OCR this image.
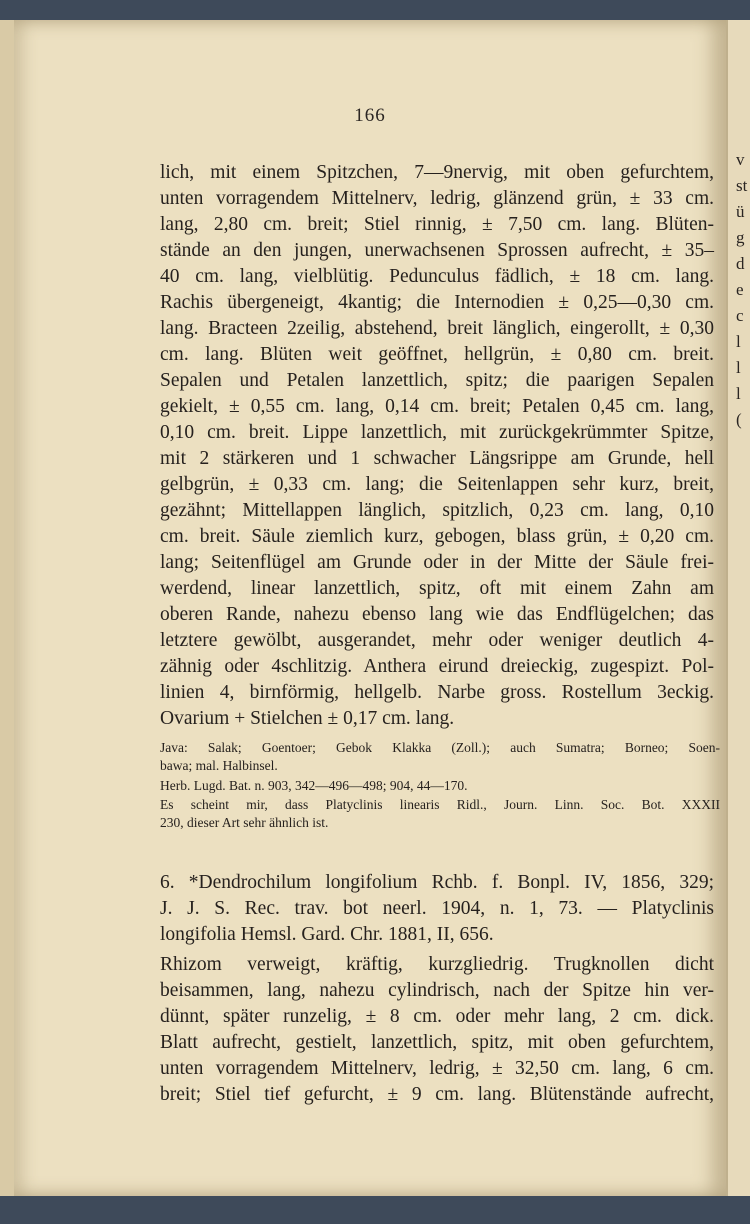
166
lich, mit einem Spitzchen, 7—9nervig, mit oben gefurchtem,
unten vorragendem Mittelnerv, ledrig, glänzend grün, ± 33 cm.
lang, 2,80 cm. breit; Stiel rinnig, ± 7,50 cm. lang. Blüten-
stände an den jungen, unerwachsenen Sprossen aufrecht, ± 35–
40 cm. lang, vielblütig. Pedunculus fädlich, ± 18 cm. lang.
Rachis übergeneigt, 4kantig; die Internodien ± 0,25—0,30 cm.
lang. Bracteen 2zeilig, abstehend, breit länglich, eingerollt, ± 0,30
cm. lang. Blüten weit geöffnet, hellgrün, ± 0,80 cm. breit.
Sepalen und Petalen lanzettlich, spitz; die paarigen Sepalen
gekielt, ± 0,55 cm. lang, 0,14 cm. breit; Petalen 0,45 cm. lang,
0,10 cm. breit. Lippe lanzettlich, mit zurückgekrümmter Spitze,
mit 2 stärkeren und 1 schwacher Längsrippe am Grunde, hell
gelbgrün, ± 0,33 cm. lang; die Seitenlappen sehr kurz, breit,
gezähnt; Mittellappen länglich, spitzlich, 0,23 cm. lang, 0,10
cm. breit. Säule ziemlich kurz, gebogen, blass grün, ± 0,20 cm.
lang; Seitenflügel am Grunde oder in der Mitte der Säule frei-
werdend, linear lanzettlich, spitz, oft mit einem Zahn am
oberen Rande, nahezu ebenso lang wie das Endflügelchen; das
letztere gewölbt, ausgerandet, mehr oder weniger deutlich 4-
zähnig oder 4schlitzig. Anthera eirund dreieckig, zugespizt. Pol-
linien 4, birnförmig, hellgelb. Narbe gross. Rostellum 3eckig.
Ovarium + Stielchen ± 0,17 cm. lang.
Java: Salak; Goentoer; Gebok Klakka (Zoll.); auch Sumatra; Borneo; Soen-
bawa; mal. Halbinsel.
Herb. Lugd. Bat. n. 903, 342—496—498; 904, 44—170.
Es scheint mir, dass Platyclinis linearis Ridl., Journ. Linn. Soc. Bot. XXXII
230, dieser Art sehr ähnlich ist.
6. *Dendrochilum longifolium Rchb. f. Bonpl. IV, 1856, 329;
J. J. S. Rec. trav. bot neerl. 1904, n. 1, 73. — Platyclinis
longifolia Hemsl. Gard. Chr. 1881, II, 656.
Rhizom verweigt, kräftig, kurzgliedrig. Trugknollen dicht
beisammen, lang, nahezu cylindrisch, nach der Spitze hin ver-
dünnt, später runzelig, ± 8 cm. oder mehr lang, 2 cm. dick.
Blatt aufrecht, gestielt, lanzettlich, spitz, mit oben gefurchtem,
unten vorragendem Mittelnerv, ledrig, ± 32,50 cm. lang, 6 cm.
breit; Stiel tief gefurcht, ± 9 cm. lang. Blütenstände aufrecht,
v
st
ü
g
d
e
c
l
l
l
(
